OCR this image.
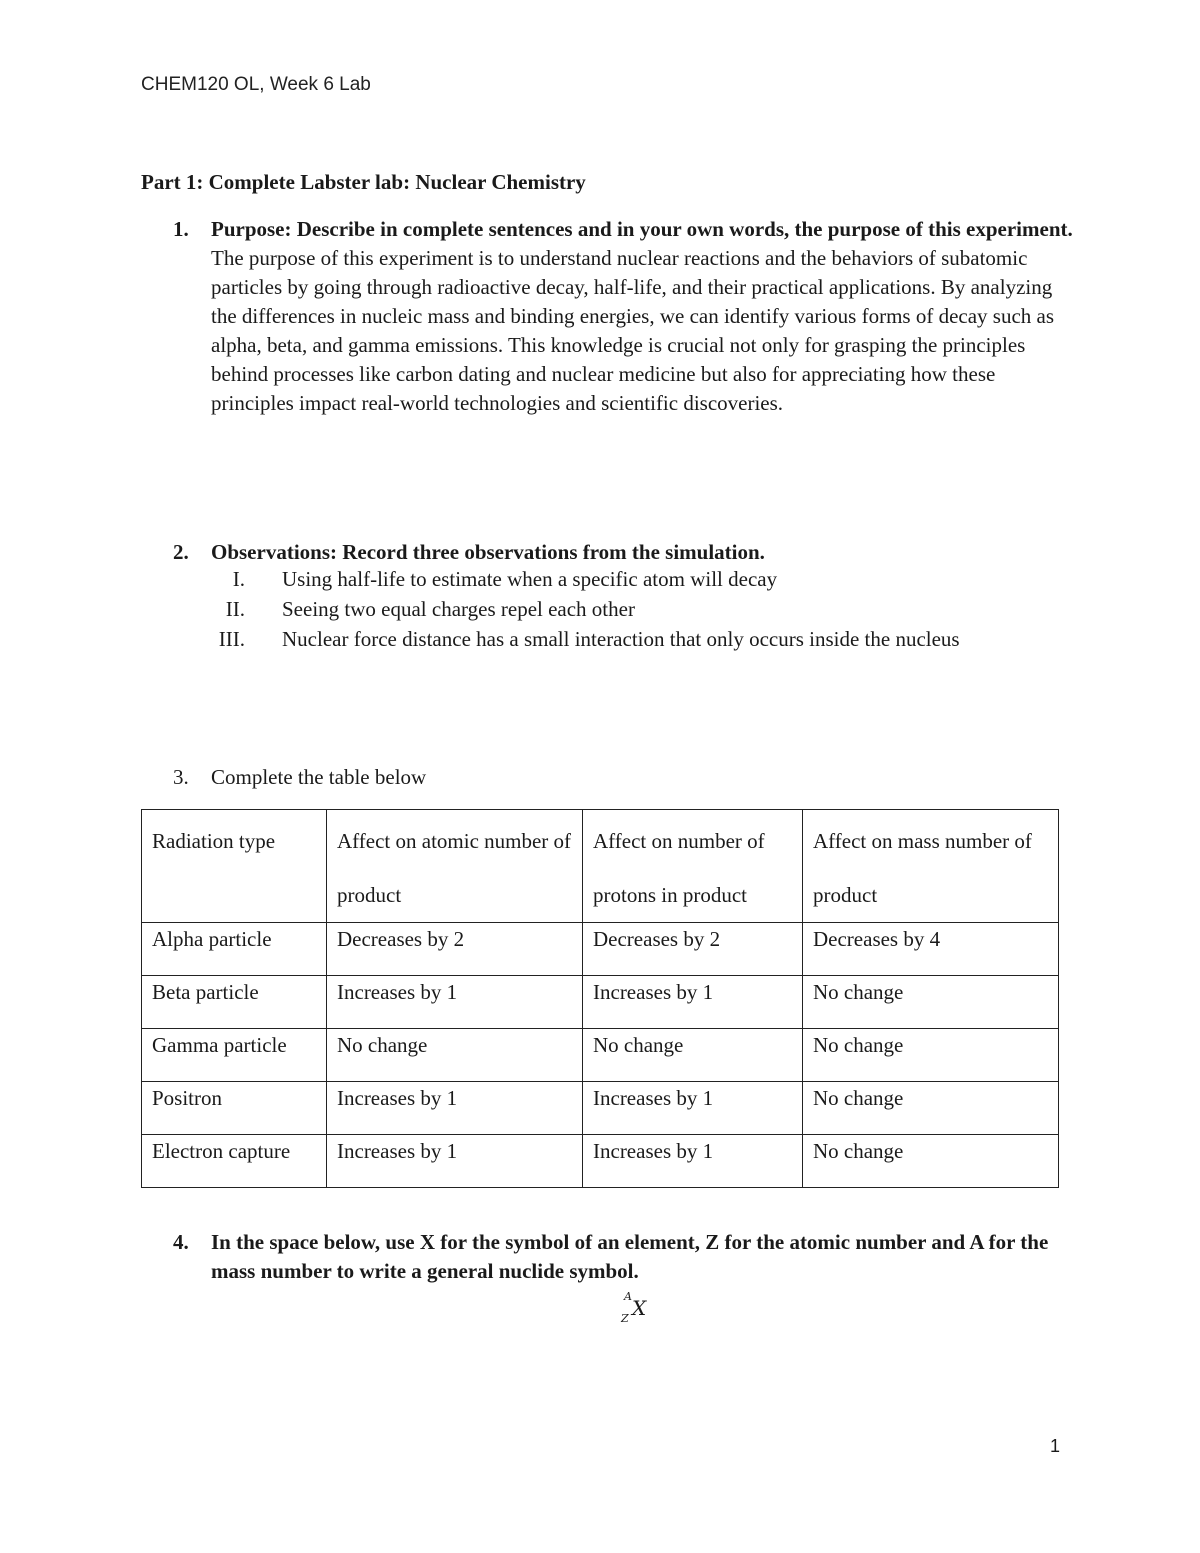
CHEM120 OL, Week 6 Lab
Part 1: Complete Labster lab: Nuclear Chemistry
1. Purpose: Describe in complete sentences and in your own words, the purpose of this experiment.
The purpose of this experiment is to understand nuclear reactions and the behaviors of subatomic particles by going through radioactive decay, half-life, and their practical applications. By analyzing the differences in nucleic mass and binding energies, we can identify various forms of decay such as alpha, beta, and gamma emissions. This knowledge is crucial not only for grasping the principles behind processes like carbon dating and nuclear medicine but also for appreciating how these principles impact real-world technologies and scientific discoveries.
2. Observations: Record three observations from the simulation.
I. Using half-life to estimate when a specific atom will decay
II. Seeing two equal charges repel each other
III. Nuclear force distance has a small interaction that only occurs inside the nucleus
3. Complete the table below
Radiation type	Affect on atomic number of product	Affect on number of protons in product	Affect on mass number of product
Alpha particle	Decreases by 2	Decreases by 2	Decreases by 4
Beta particle	Increases by 1	Increases by 1	No change
Gamma particle	No change	No change	No change
Positron	Increases by 1	Increases by 1	No change
Electron capture	Increases by 1	Increases by 1	No change
4. In the space below, use X for the symbol of an element, Z for the atomic number and A for the mass number to write a general nuclide symbol.
A
Z X
1
